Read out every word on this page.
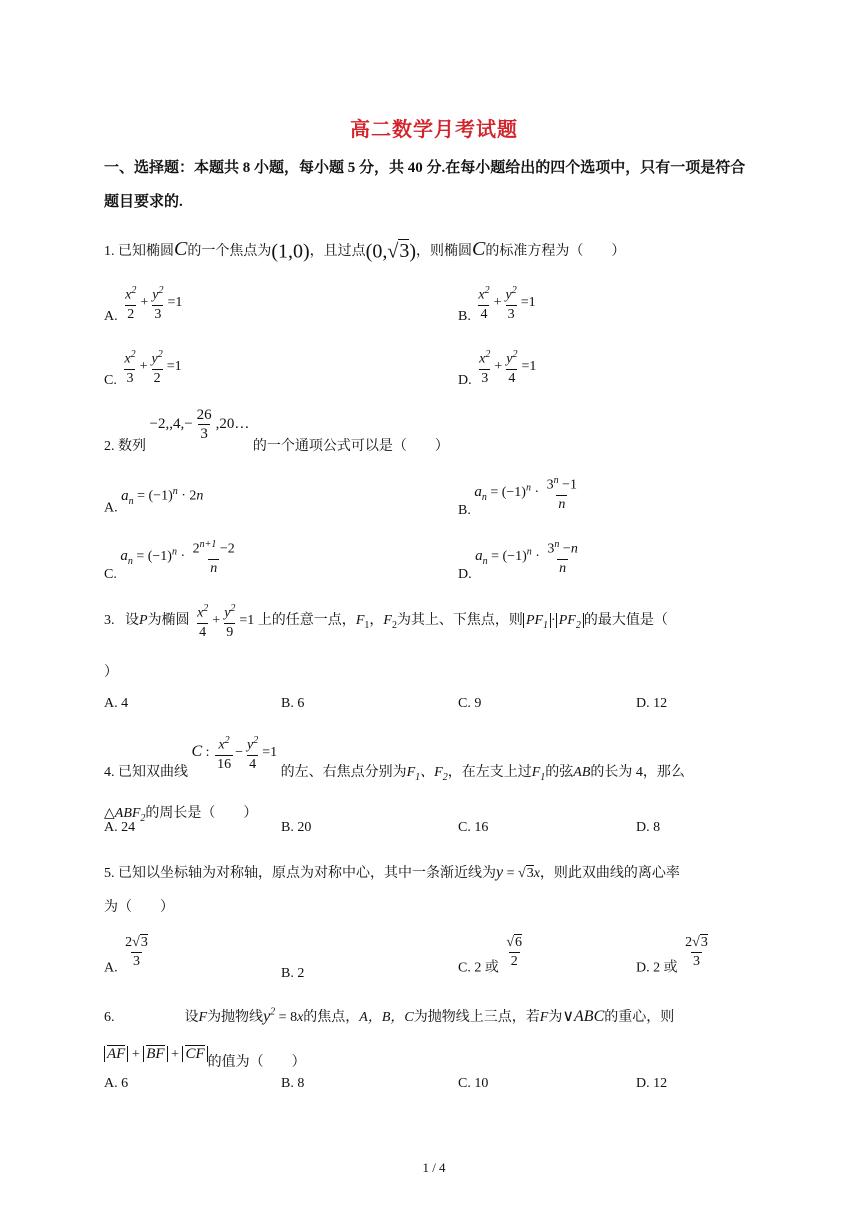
高二数学月考试题
一、选择题：本题共 8 小题，每小题 5 分，共 40 分.在每小题给出的四个选项中，只有一项是符合
题目要求的.
1. 已知椭圆C的一个焦点为(1,0)，且过点(0,√3)，则椭圆C的标准方程为（　　）
A. $\frac{x^2}{2} + \frac{y^2}{3} =1$
B. $\frac{x^2}{4} + \frac{y^2}{3} =1$
C. $\frac{x^2}{3} + \frac{y^2}{2} =1$
D. $\frac{x^2}{3} + \frac{y^2}{4} =1$
2. 数列 $-2,,4,- \frac{26}{3}$ ,20… 的一个通项公式可以是（　　）
A. $a_n = (-1)^n \cdot 2n$
B. $a_n = (-1)^n \cdot \frac{3^n -1}{n}$
C. $a_n = (-1)^n \cdot \frac{2^{n+1} -2}{n}$	D. $a_n = (-1)^n \cdot \frac{3^n -n}{n}$
3. 设P为椭圆 $\frac{x^2}{4} + \frac{y^2}{9} =1$ 上的任意一点，$F_1$，$F_2$为其上、下焦点，则 $PF_1 \cdot PF_2$ 的最大值是（
）
A. 4	B. 6	C. 9	D. 12
4. 已知双曲线 C : $\frac{x^2}{16} - \frac{y^2}{4} =1$ 的左、右焦点分别为$F_1$、$F_2$，在左支上过$F_1$的弦AB的长为 4，那么
$\triangle ABF_2$的周长是（　　）
A. 24	B. 20	C. 16	D. 8
5. 已知以坐标轴为对称轴，原点为对称中心，其中一条渐近线为y = √3x，则此双曲线的离心率
为（　　）
A. $\frac{2√3}{3}$
B. 2	C. 2 或 $\frac{√6}{2}$	D. 2 或 $\frac{2√3}{3}$
6.	设F为抛物线$y^2 = 8x$的焦点，A，B，C为抛物线上三点，若F为∨ABC的重心，则
AF + BF + CF的值为（　　）
A. 6	B. 8	C. 10	D. 12
1 / 4
